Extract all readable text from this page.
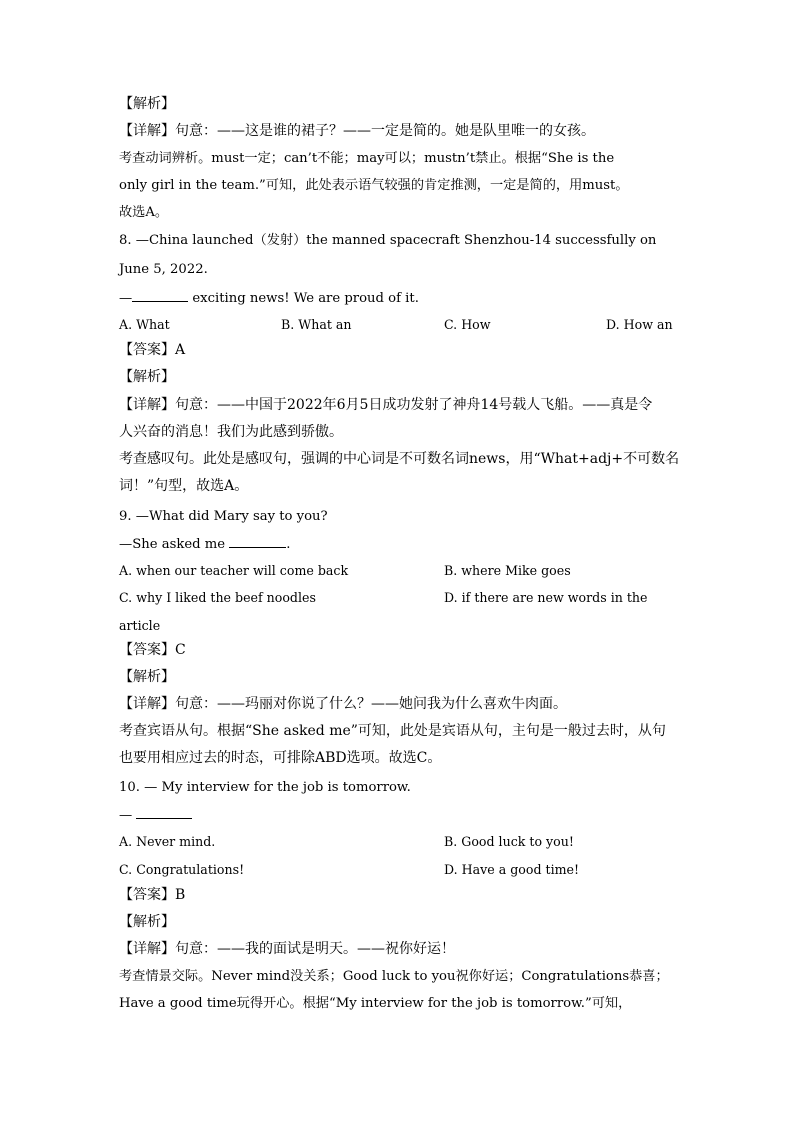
【解析】
【详解】句意：——这是谁的裙子？——一定是简的。她是队里唯一的女孩。
考查动词辨析。must一定；can’t不能；may可以；mustn’t禁止。根据“She is the
only girl in the team.”可知，此处表示语气较强的肯定推测，一定是简的，用must。
故选A。
8. —China launched（发射）the manned spacecraft Shenzhou-14 successfully on
June 5, 2022.
—	exciting news! We are proud of it.
A. What	B. What an	C. How	D. How an
【答案】A
【解析】
【详解】句意：——中国于2022年6月5日成功发射了神舟14号载人飞船。——真是令
人兴奋的消息！我们为此感到骄傲。
考查感叹句。此处是感叹句，强调的中心词是不可数名词news，用“What+adj+不可数名
词！”句型，故选A。
9. —What did Mary say to you?
—She asked me	.
A. when our teacher will come back	B. where Mike goes
C. why I liked the beef noodles	D. if there are new words in the
article
【答案】C
【解析】
【详解】句意：——玛丽对你说了什么？——她问我为什么喜欢牛肉面。
考查宾语从句。根据“She asked me”可知，此处是宾语从句，主句是一般过去时，从句
也要用相应过去的时态，可排除ABD选项。故选C。
10. — My interview for the job is tomorrow.
—
A. Never mind.	B. Good luck to you!
C. Congratulations!	D. Have a good time!
【答案】B
【解析】
【详解】句意：——我的面试是明天。——祝你好运！
考查情景交际。Never mind没关系；Good luck to you祝你好运；Congratulations恭喜；
Have a good time玩得开心。根据“My interview for the job is tomorrow.”可知，
